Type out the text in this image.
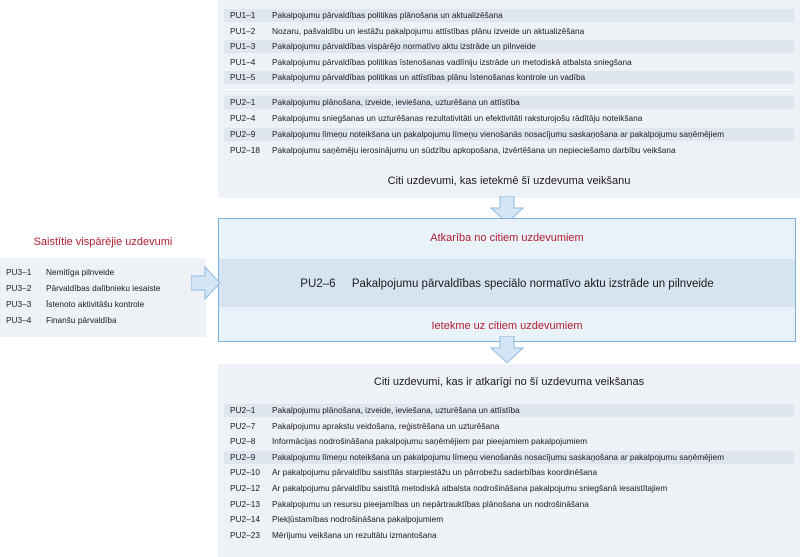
PU1–1	Pakalpojumu pārvaldības politikas plānošana un aktualizēšana
PU1–2	Nozaru, pašvaldību un iestāžu pakalpojumu attīstības plānu izveide un aktualizēšana
PU1–3	Pakalpojumu pārvaldības vispārējo normatīvo aktu izstrāde un pilnveide
PU1–4	Pakalpojumu pārvaldības politikas īstenošanas vadlīniju izstrāde un metodiskā atbalsta sniegšana
PU1–5	Pakalpojumu pārvaldības politikas un attīstības plānu īstenošanas kontrole un vadība
PU2–1	Pakalpojumu plānošana, izveide, ieviešana, uzturēšana un attīstība
PU2–4	Pakalpojumu sniegšanas un uzturēšanas rezultativitāti un efektivitāti raksturojošu rādītāju noteikšana
PU2–9	Pakalpojumu līmeņu noteikšana un pakalpojumu līmeņu vienošanās nosacījumu saskaņošana ar pakalpojumu saņēmējiem
PU2–18	Pakalpojumu saņēmēju ierosinājumu un sūdzību apkopošana, izvērtēšana un nepieciešamo darbību veikšana
Citi uzdevumi, kas ietekmē šī uzdevuma veikšanu
Atkarība no citiem uzdevumiem
PU2–6 Pakalpojumu pārvaldības speciālo normatīvo aktu izstrāde un pilnveide
Ietekme uz citiem uzdevumiem
Saistītie vispārējie uzdevumi
PU3–1	Nemitīga pilnveide
PU3–2	Pārvaldības dalībnieku iesaiste
PU3–3	Īstenoto aktivitāšu kontrole
PU3–4	Finanšu pārvaldība
Citi uzdevumi, kas ir atkarīgi no šī uzdevuma veikšanas
PU2–1	Pakalpojumu plānošana, izveide, ieviešana, uzturēšana un attīstība
PU2–7	Pakalpojumu aprakstu veidošana, reģistrēšana un uzturēšana
PU2–8	Informācijas nodrošināšana pakalpojumu saņēmējiem par pieejamiem pakalpojumiem
PU2–9	Pakalpojumu līmeņu noteikšana un pakalpojumu līmeņu vienošanās nosacījumu saskaņošana ar pakalpojumu saņēmējiem
PU2–10	Ar pakalpojumu pārvaldību saistītās starpiestāžu un pārrobežu sadarbības koordinēšana
PU2–12	Ar pakalpojumu pārvaldību saistītā metodiskā atbalsta nodrošināšana pakalpojumu sniegšanā iesaistītajiem
PU2–13	Pakalpojumu un resursu pieejamības un nepārtrauktības plānošana un nodrošināšana
PU2–14	Piekļūstamības nodrošināšana pakalpojumiem
PU2–23	Mērījumu veikšana un rezultātu izmantošana
